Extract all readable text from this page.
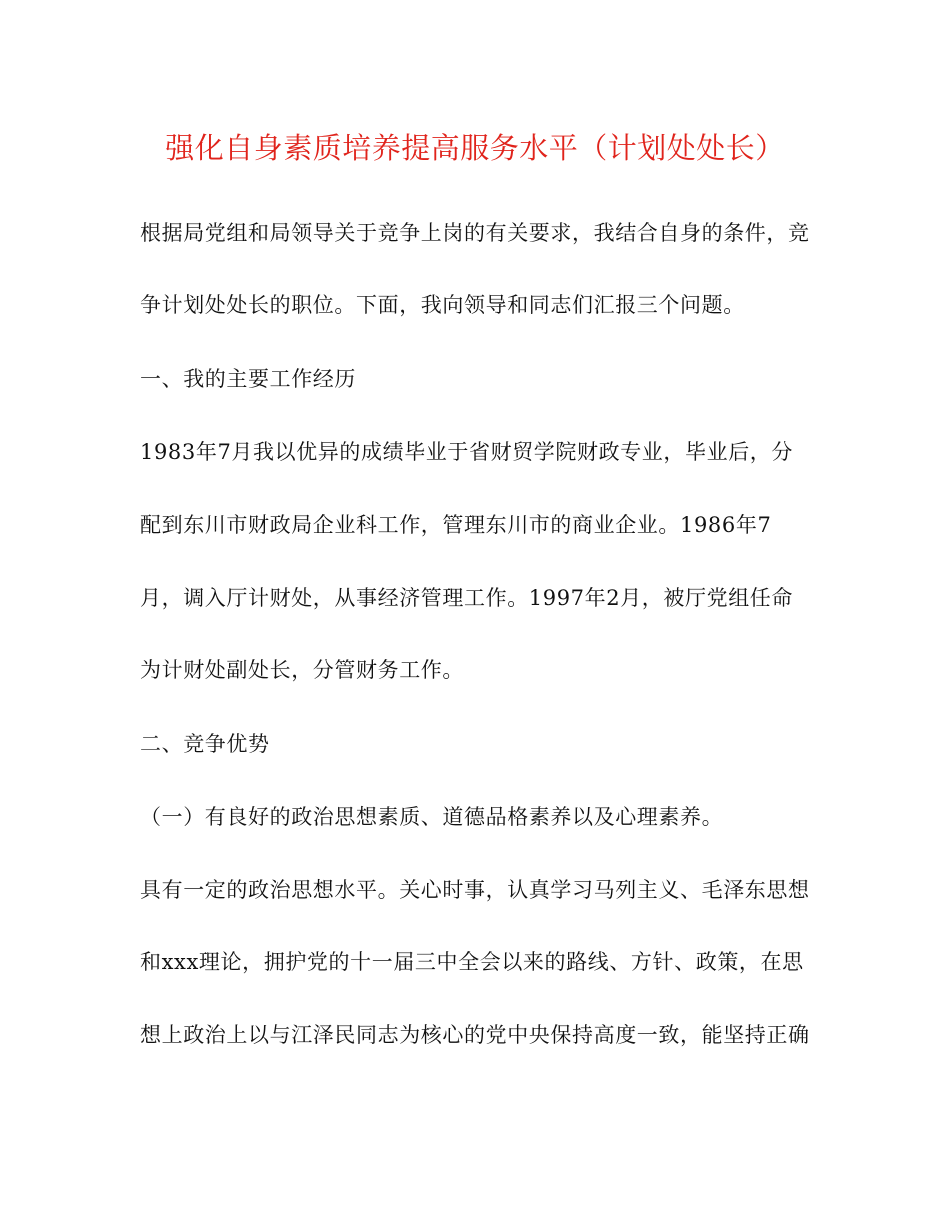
强化自身素质培养提高服务水平（计划处处长）
根据局党组和局领导关于竞争上岗的有关要求，我结合自身的条件，竞
争计划处处长的职位。下面，我向领导和同志们汇报三个问题。
一、我的主要工作经历
1983年7月我以优异的成绩毕业于省财贸学院财政专业，毕业后，分
配到东川市财政局企业科工作，管理东川市的商业企业。1986年7
月，调入厅计财处，从事经济管理工作。1997年2月，被厅党组任命
为计财处副处长，分管财务工作。
二、竞争优势
（一）有良好的政治思想素质、道德品格素养以及心理素养。
具有一定的政治思想水平。关心时事，认真学习马列主义、毛泽东思想
和xxx理论，拥护党的十一届三中全会以来的路线、方针、政策，在思
想上政治上以与江泽民同志为核心的党中央保持高度一致，能坚持正确
